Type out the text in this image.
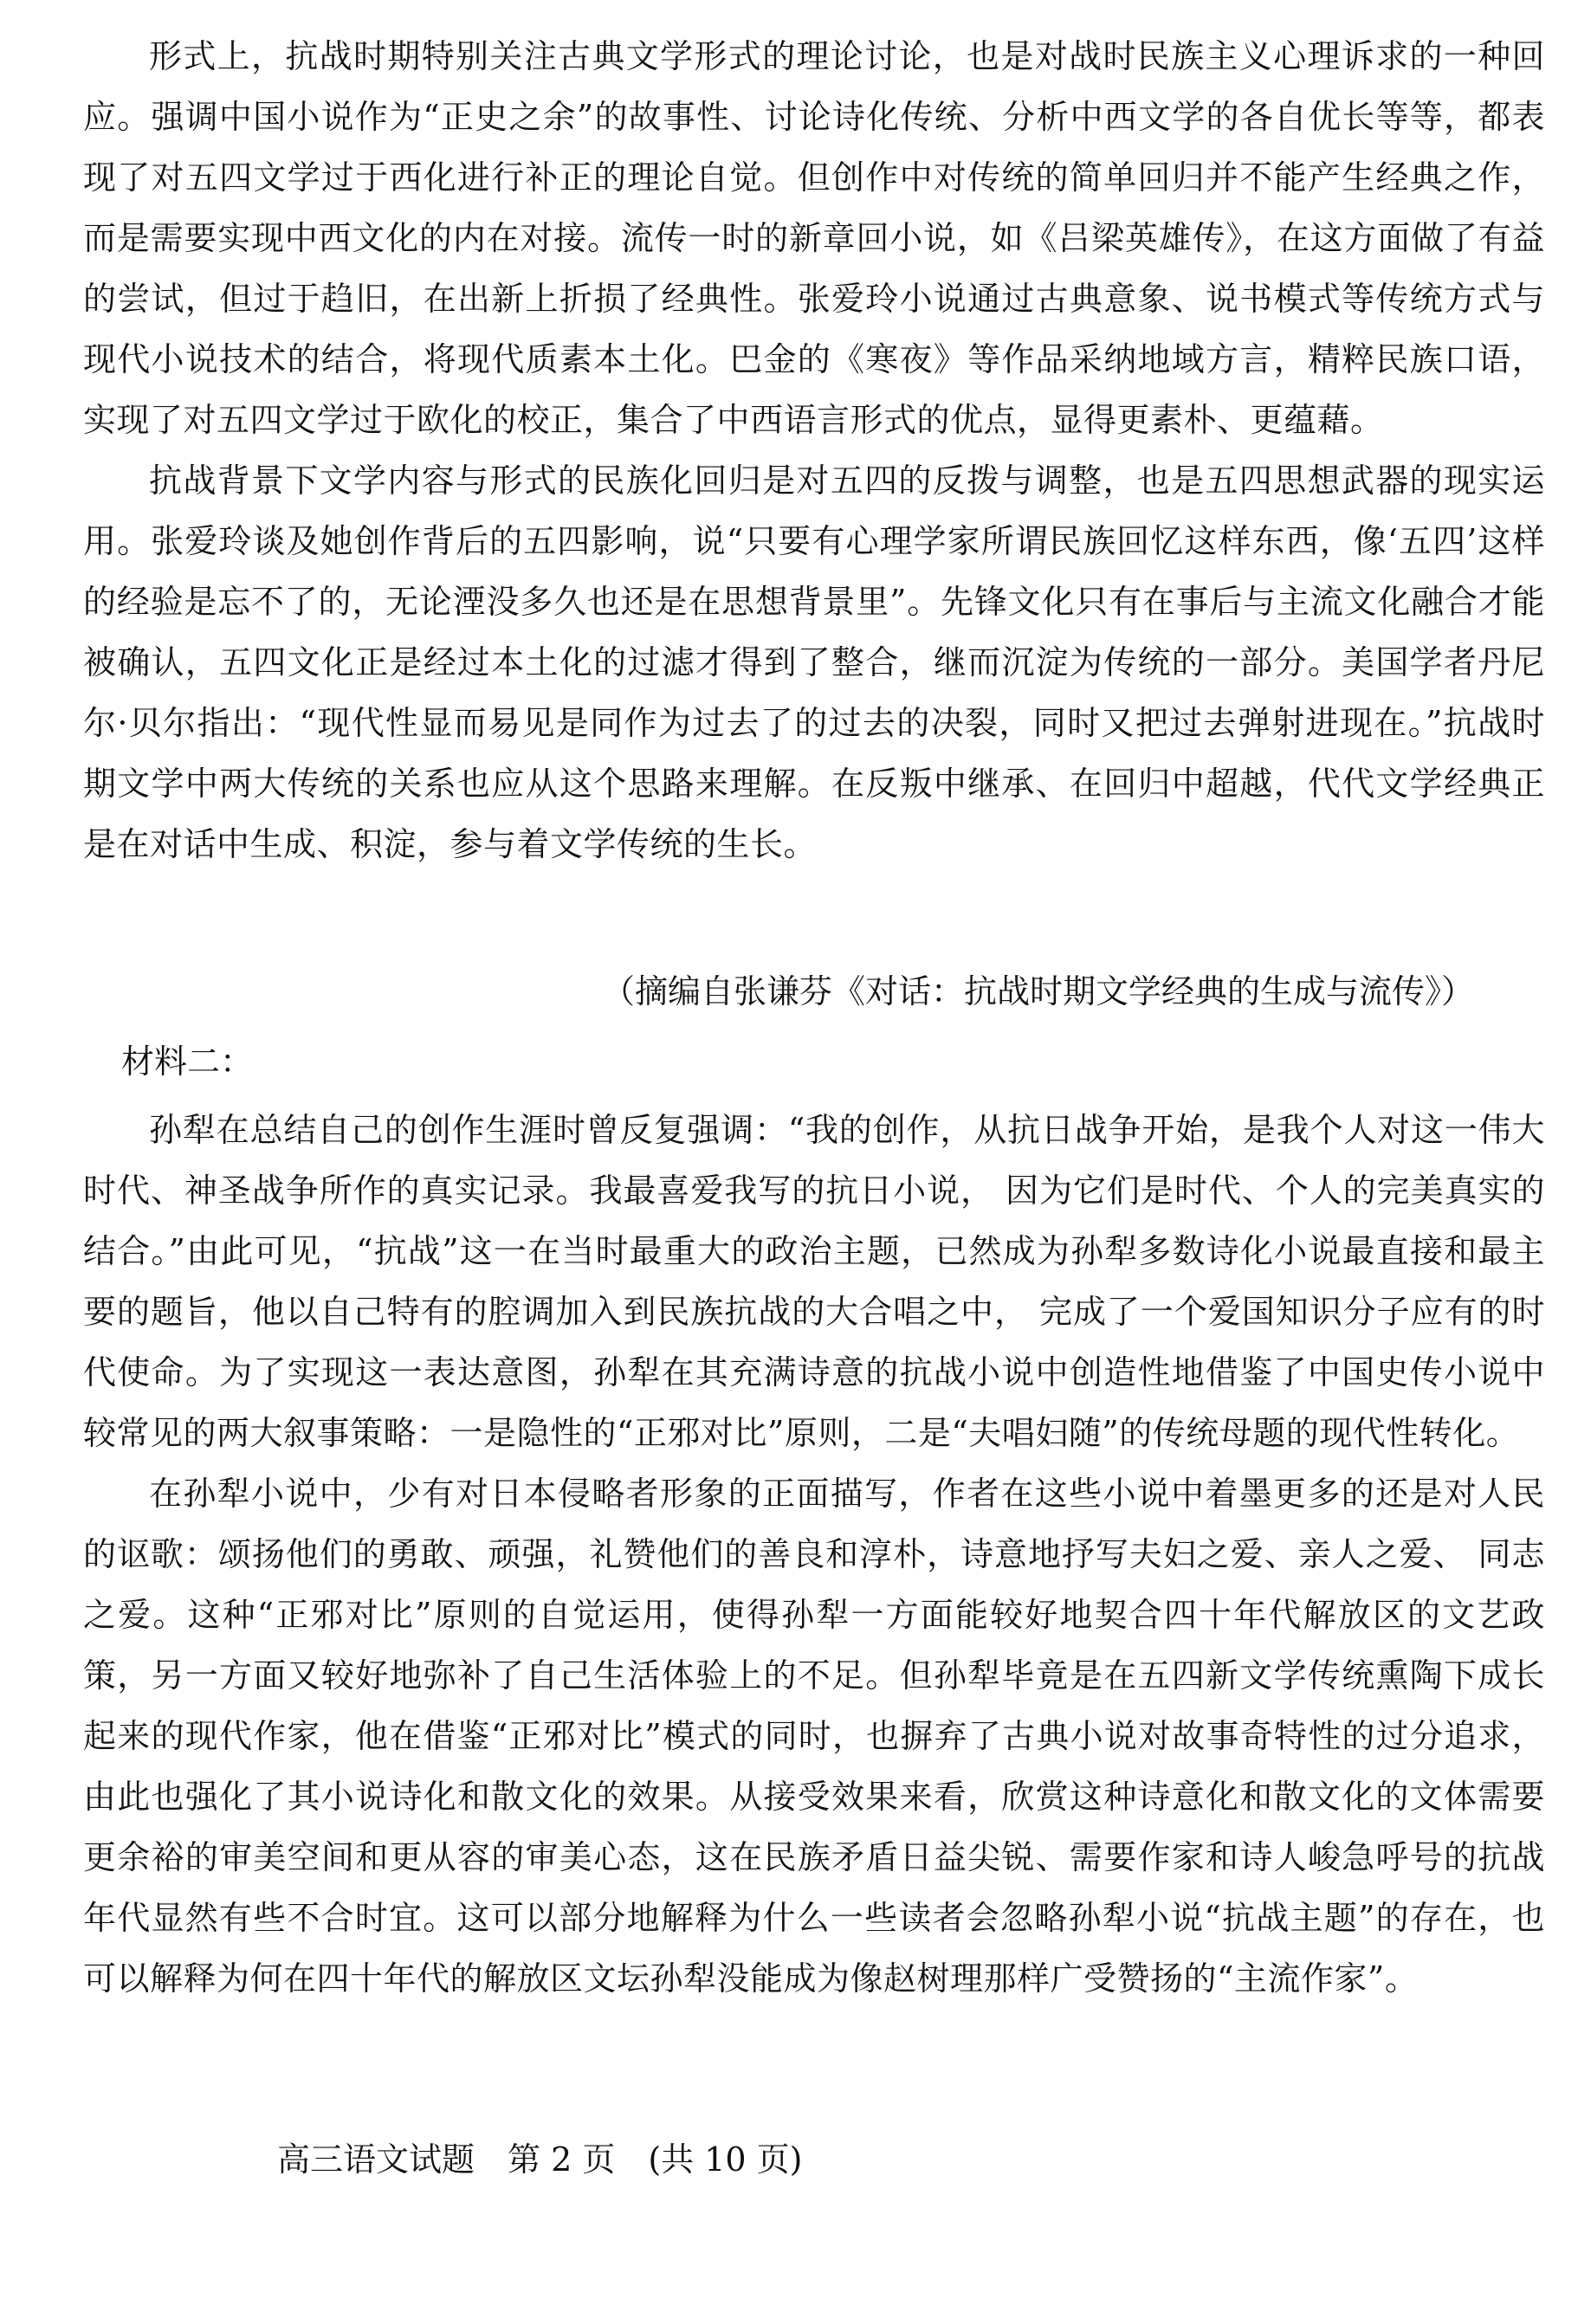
形式上，抗战时期特别关注古典文学形式的理论讨论，也是对战时民族主义心理诉求的一种回应。强调中国小说作为“正史之余”的故事性、讨论诗化传统、分析中西文学的各自优长等等，都表现了对五四文学过于西化进行补正的理论自觉。但创作中对传统的简单回归并不能产生经典之作，而是需要实现中西文化的内在对接。流传一时的新章回小说，如《吕梁英雄传》，在这方面做了有益的尝试，但过于趋旧，在出新上折损了经典性。张爱玲小说通过古典意象、说书模式等传统方式与现代小说技术的结合，将现代质素本土化。巴金的《寒夜》等作品采纳地域方言，精粹民族口语，实现了对五四文学过于欧化的校正，集合了中西语言形式的优点，显得更素朴、更蕴藉。

抗战背景下文学内容与形式的民族化回归是对五四的反拨与调整，也是五四思想武器的现实运用。张爱玲谈及她创作背后的五四影响，说“只要有心理学家所谓民族回忆这样东西，像‘五四’这样的经验是忘不了的，无论湮没多久也还是在思想背景里”。先锋文化只有在事后与主流文化融合才能被确认，五四文化正是经过本土化的过滤才得到了整合，继而沉淀为传统的一部分。美国学者丹尼尔·贝尔指出：“现代性显而易见是同作为过去了的过去的决裂，同时又把过去弹射进现在。”抗战时期文学中两大传统的关系也应从这个思路来理解。在反叛中继承、在回归中超越，代代文学经典正是在对话中生成、积淀，参与着文学传统的生长。

（摘编自张谦芬《对话：抗战时期文学经典的生成与流传》）

材料二：

孙犁在总结自己的创作生涯时曾反复强调：“我的创作，从抗日战争开始，是我个人对这一伟大时代、神圣战争所作的真实记录。我最喜爱我写的抗日小说， 因为它们是时代、个人的完美真实的结合。”由此可见，“抗战”这一在当时最重大的政治主题，已然成为孙犁多数诗化小说最直接和最主要的题旨，他以自己特有的腔调加入到民族抗战的大合唱之中， 完成了一个爱国知识分子应有的时代使命。为了实现这一表达意图，孙犁在其充满诗意的抗战小说中创造性地借鉴了中国史传小说中较常见的两大叙事策略：一是隐性的“正邪对比”原则，二是“夫唱妇随”的传统母题的现代性转化。

在孙犁小说中，少有对日本侵略者形象的正面描写，作者在这些小说中着墨更多的还是对人民的讴歌：颂扬他们的勇敢、顽强，礼赞他们的善良和淳朴，诗意地抒写夫妇之爱、亲人之爱、 同志之爱。这种“正邪对比”原则的自觉运用，使得孙犁一方面能较好地契合四十年代解放区的文艺政策，另一方面又较好地弥补了自己生活体验上的不足。但孙犁毕竟是在五四新文学传统熏陶下成长起来的现代作家，他在借鉴“正邪对比”模式的同时，也摒弃了古典小说对故事奇特性的过分追求，由此也强化了其小说诗化和散文化的效果。从接受效果来看，欣赏这种诗意化和散文化的文体需要更余裕的审美空间和更从容的审美心态，这在民族矛盾日益尖锐、需要作家和诗人峻急呼号的抗战年代显然有些不合时宜。这可以部分地解释为什么一些读者会忽略孙犁小说“抗战主题”的存在，也可以解释为何在四十年代的解放区文坛孙犁没能成为像赵树理那样广受赞扬的“主流作家”。

高三语文试题　第 2 页　(共 10 页)
